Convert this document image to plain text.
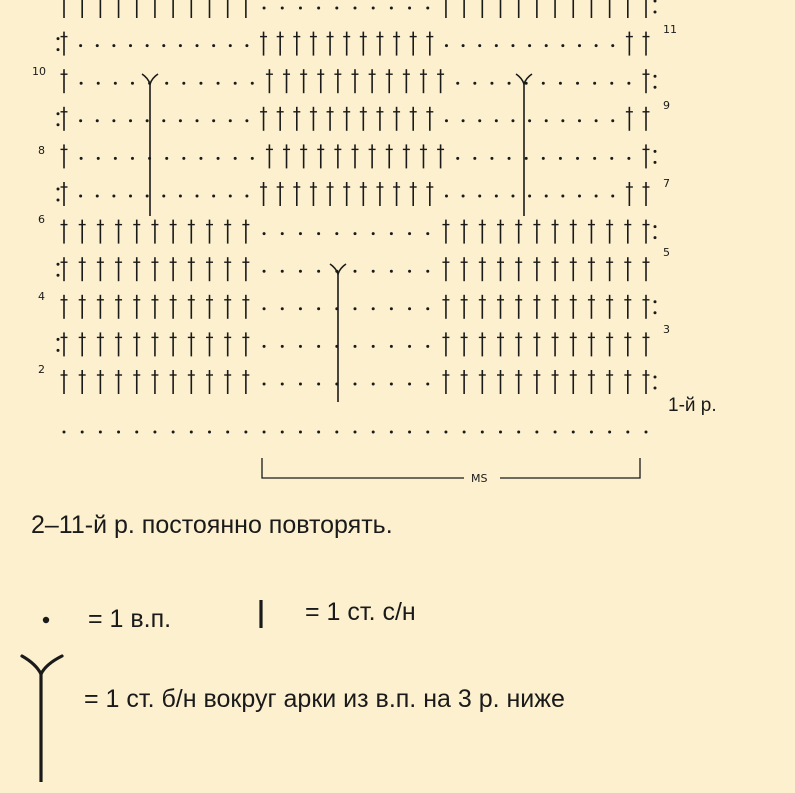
10
8
6
4
2
11
9
7
5
3
1-й р.
MS

2–11-й р. постоянно повторять.

= 1 в.п.	= 1 ст. с/н

= 1 ст. б/н вокруг арки из в.п. на 3 р. ниже
